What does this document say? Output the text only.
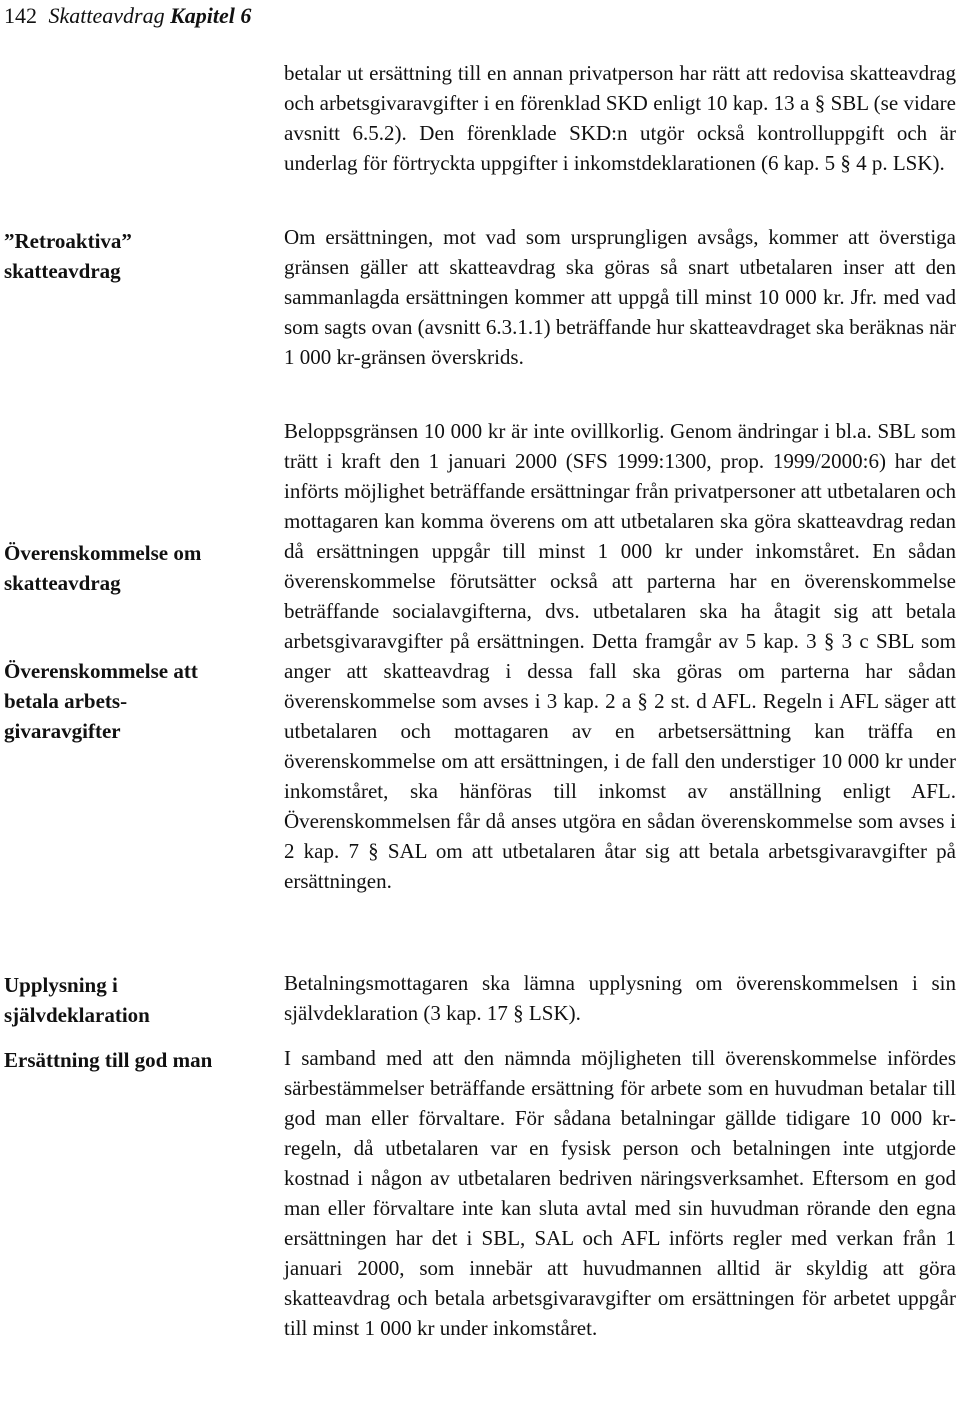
142 Skatteavdrag Kapitel 6
”Retroaktiva” skatteavdrag
Överenskommelse om skatteavdrag
Överenskommelse att betala arbets-givaravgifter
Upplysning i självdeklaration
Ersättning till god man

betalar ut ersättning till en annan privatperson har rätt att redovisa skatteavdrag och arbetsgivaravgifter i en förenklad SKD enligt 10 kap. 13 a § SBL (se vidare avsnitt 6.5.2). Den förenklade SKD:n utgör också kontrolluppgift och är underlag för förtryckta uppgifter i inkomstdeklarationen (6 kap. 5 § 4 p. LSK).

Om ersättningen, mot vad som ursprungligen avsågs, kommer att överstiga gränsen gäller att skatteavdrag ska göras så snart utbetalaren inser att den sammanlagda ersättningen kommer att uppgå till minst 10 000 kr. Jfr. med vad som sagts ovan (avsnitt 6.3.1.1) beträffande hur skatteavdraget ska beräknas när 1 000 kr-gränsen överskrids.

Beloppsgränsen 10 000 kr är inte ovillkorlig. Genom ändringar i bl.a. SBL som trätt i kraft den 1 januari 2000 (SFS 1999:1300, prop. 1999/2000:6) har det införts möjlighet beträffande ersättningar från privatpersoner att utbetalaren och mottagaren kan komma överens om att utbetalaren ska göra skatteavdrag redan då ersättningen uppgår till minst 1 000 kr under inkomståret. En sådan överenskommelse förutsätter också att parterna har en överenskommelse beträffande socialavgifterna, dvs. utbetalaren ska ha åtagit sig att betala arbetsgivaravgifter på ersättningen. Detta framgår av 5 kap. 3 § 3 c SBL som anger att skatteavdrag i dessa fall ska göras om parterna har sådan överenskommelse som avses i 3 kap. 2 a § 2 st. d AFL. Regeln i AFL säger att utbetalaren och mottagaren av en arbetsersättning kan träffa en överenskommelse om att ersättningen, i de fall den understiger 10 000 kr under inkomståret, ska hänföras till inkomst av anställning enligt AFL. Överenskommelsen får då anses utgöra en sådan överenskommelse som avses i 2 kap. 7 § SAL om att utbetalaren åtar sig att betala arbetsgivaravgifter på ersättningen.

Betalningsmottagaren ska lämna upplysning om överenskommelsen i sin självdeklaration (3 kap. 17 § LSK).

I samband med att den nämnda möjligheten till överenskommelse infördes särbestämmelser beträffande ersättning för arbete som en huvudman betalar till god man eller förvaltare. För sådana betalningar gällde tidigare 10 000 kr-regeln, då utbetalaren var en fysisk person och betalningen inte utgjorde kostnad i någon av utbetalaren bedriven näringsverksamhet. Eftersom en god man eller förvaltare inte kan sluta avtal med sin huvudman rörande den egna ersättningen har det i SBL, SAL och AFL införts regler med verkan från 1 januari 2000, som innebär att huvudmannen alltid är skyldig att göra skatteavdrag och betala arbetsgivaravgifter om ersättningen för arbetet uppgår till minst 1 000 kr under inkomståret.
